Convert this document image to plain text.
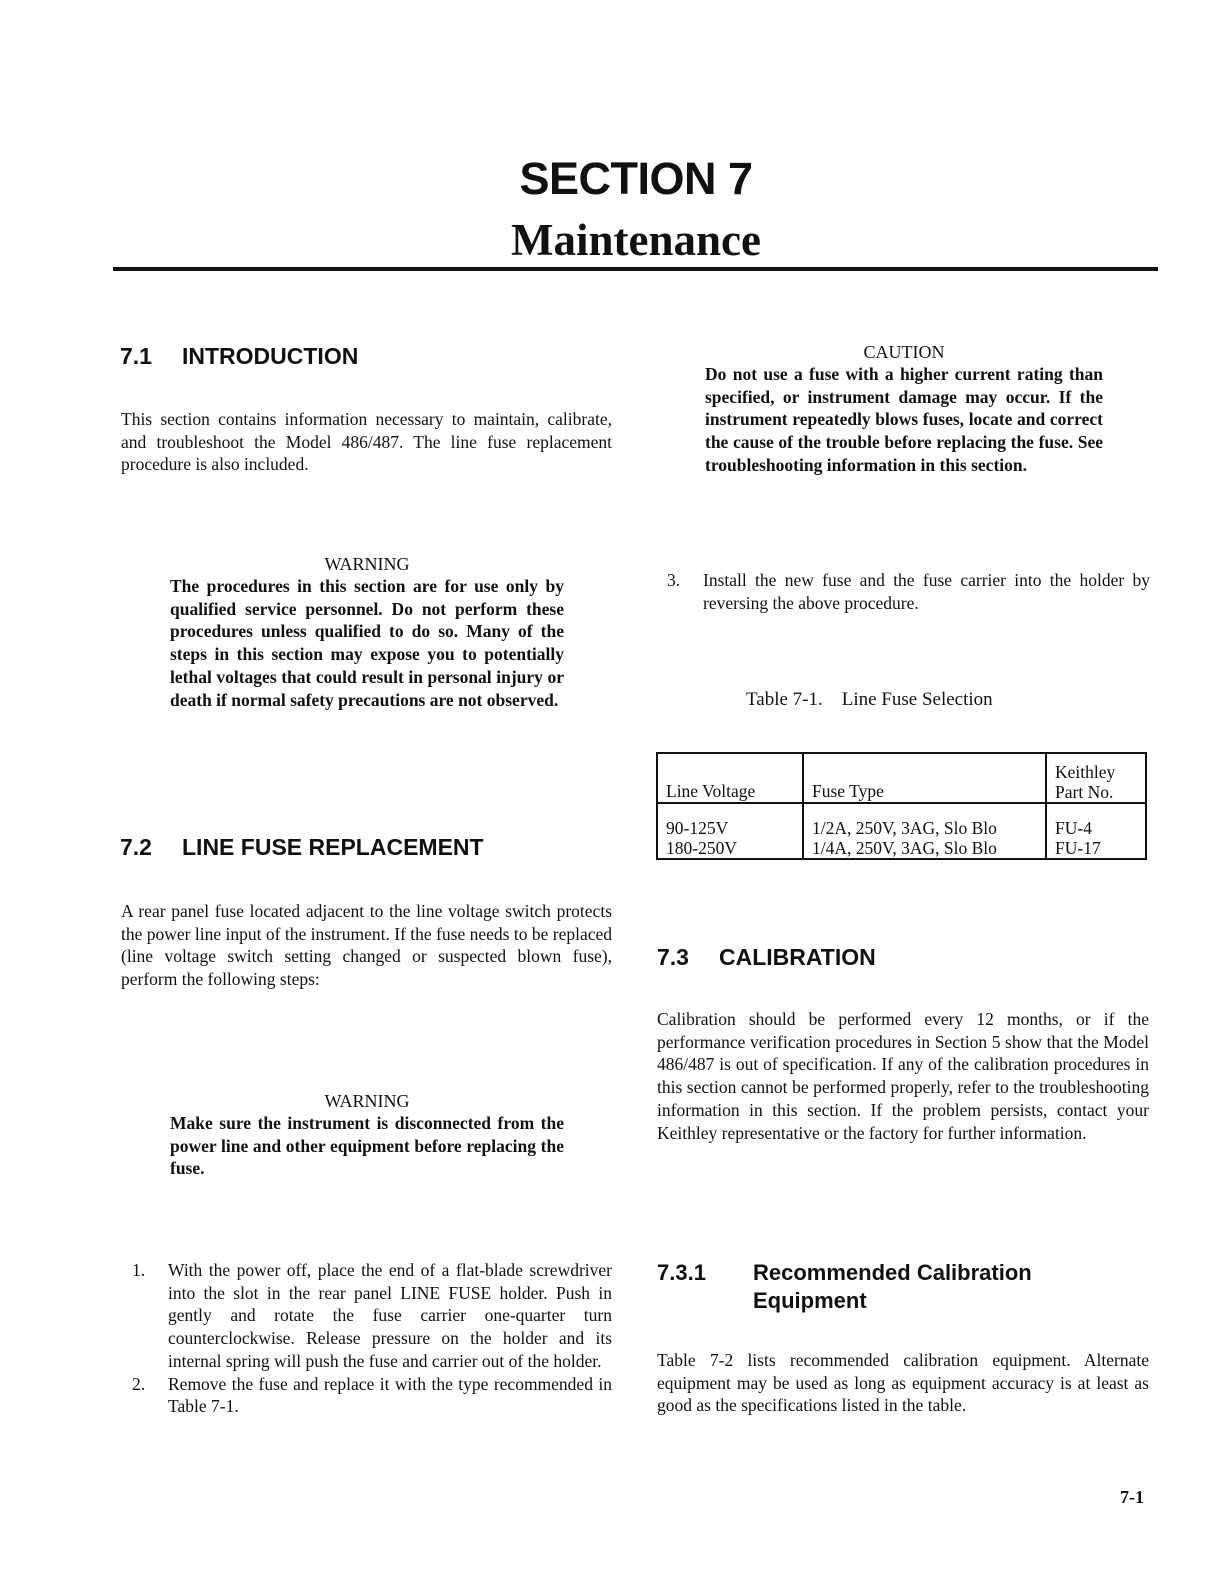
SECTION 7
Maintenance
7.1 INTRODUCTION
This section contains information necessary to maintain, calibrate, and troubleshoot the Model 486/487. The line fuse replacement procedure is also included.
WARNING
The procedures in this section are for use only by qualified service personnel. Do not perform these procedures unless qualified to do so. Many of the steps in this section may expose you to potentially lethal voltages that could result in personal injury or death if normal safety precautions are not observed.
7.2 LINE FUSE REPLACEMENT
A rear panel fuse located adjacent to the line voltage switch protects the power line input of the instrument. If the fuse needs to be replaced (line voltage switch setting changed or suspected blown fuse), perform the following steps:
WARNING
Make sure the instrument is disconnected from the power line and other equipment before replacing the fuse.
1. With the power off, place the end of a flat-blade screwdriver into the slot in the rear panel LINE FUSE holder. Push in gently and rotate the fuse carrier one-quarter turn counterclockwise. Release pressure on the holder and its internal spring will push the fuse and carrier out of the holder.
2. Remove the fuse and replace it with the type recommended in Table 7-1.
CAUTION
Do not use a fuse with a higher current rating than specified, or instrument damage may occur. If the instrument repeatedly blows fuses, locate and correct the cause of the trouble before replacing the fuse. See troubleshooting information in this section.
3. Install the new fuse and the fuse carrier into the holder by reversing the above procedure.
Table 7-1.    Line Fuse Selection
Line Voltage	Fuse Type	Keithley Part No.
90-125V	1/2A, 250V, 3AG, Slo Blo	FU-4
180-250V	1/4A, 250V, 3AG, Slo Blo	FU-17
7.3 CALIBRATION
Calibration should be performed every 12 months, or if the performance verification procedures in Section 5 show that the Model 486/487 is out of specification. If any of the calibration procedures in this section cannot be performed properly, refer to the troubleshooting information in this section. If the problem persists, contact your Keithley representative or the factory for further information.
7.3.1	Recommended Calibration
Equipment
Table 7-2 lists recommended calibration equipment. Alternate equipment may be used as long as equipment accuracy is at least as good as the specifications listed in the table.
7-1
